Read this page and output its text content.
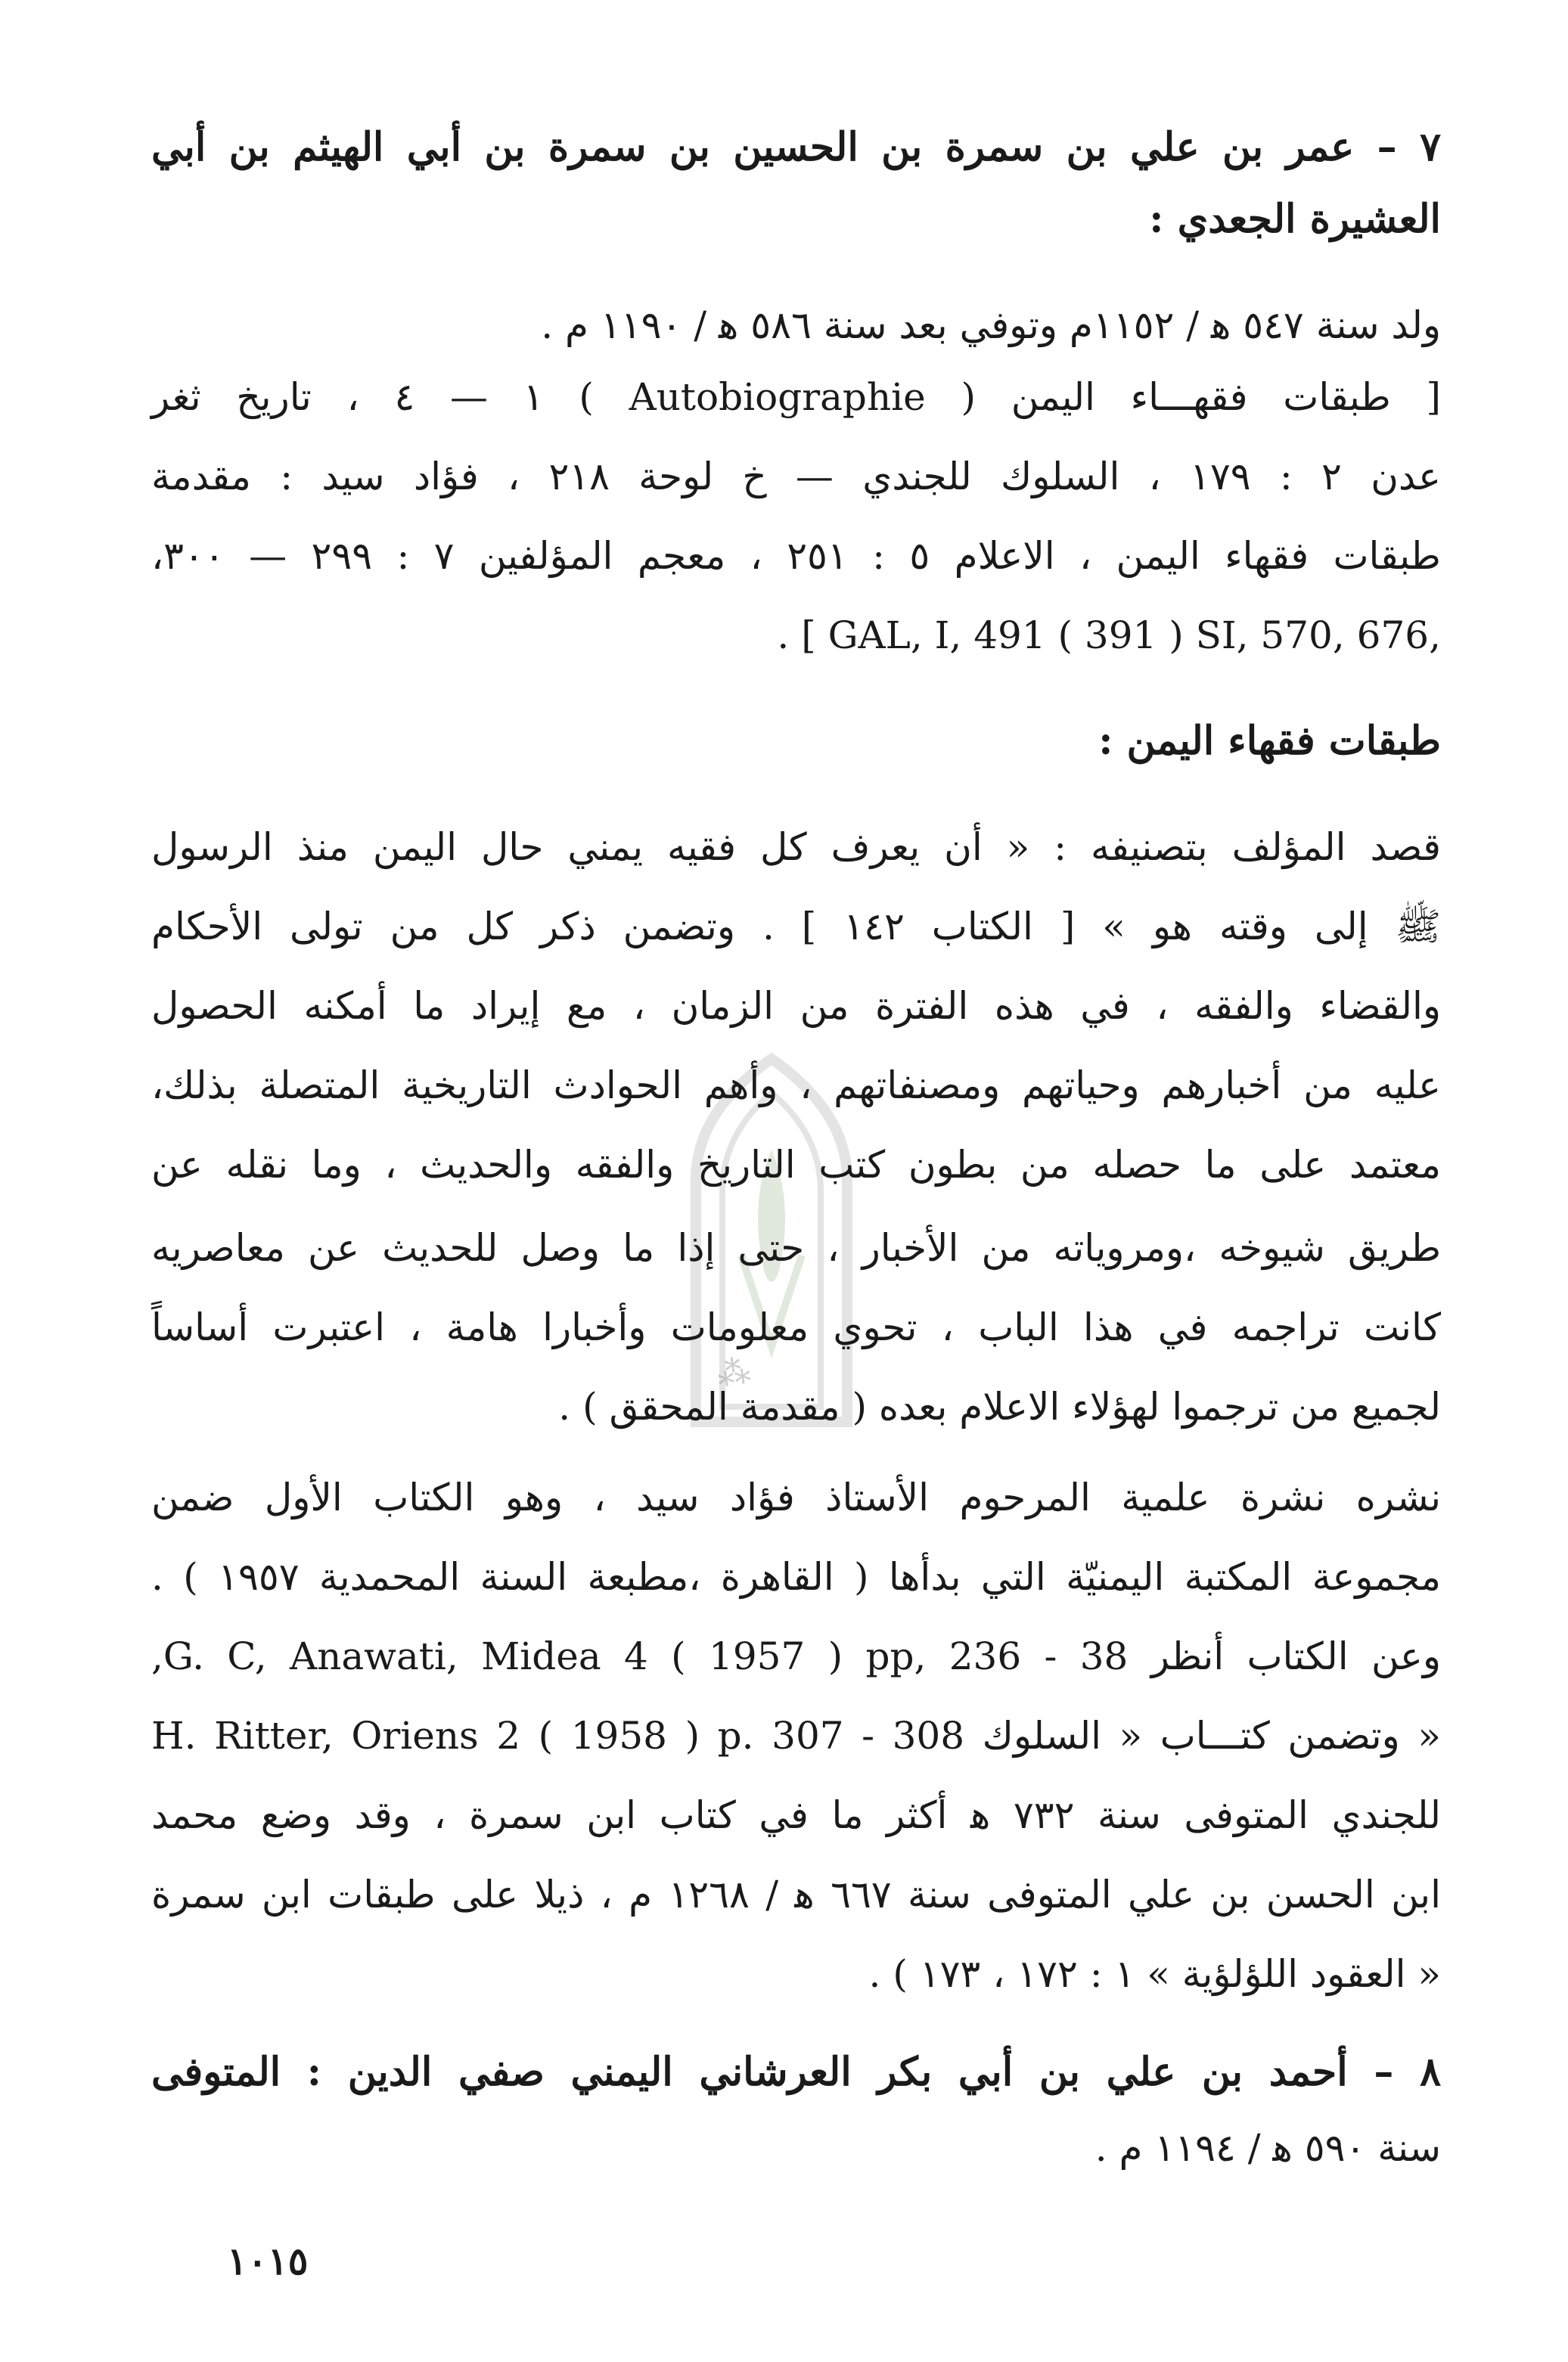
⁂
٧ – عمر بن علي بن سمرة بن الحسين بن سمرة بن أبي الهيثم بن أبي
العشيرة الجعدي :
ولد سنة ٥٤٧ ﻫ / ١١٥٢م وتوفي بعد سنة ٥٨٦ ﻫ / ١١٩٠ م .
[ طبقات فقهـــاء اليمن ( Autobiographie ) ١ — ٤ ، تاريخ ثغر
عدن ٢ : ١٧٩ ، السلوك للجندي — خ لوحة ٢١٨ ، فؤاد سيد : مقدمة
طبقات فقهاء اليمن ، الاعلام ٥ : ٢٥١ ، معجم المؤلفين ٧ : ٢٩٩ — ٣٠٠،
. [ GAL, I, 491 ( 391 ) SI, 570, 676,
طبقات فقهاء اليمن :
قصد المؤلف بتصنيفه : « أن يعرف كل فقيه يمني حال اليمن منذ الرسول
ﷺ إلى وقته هو » [ الكتاب ١٤٢ ] . وتضمن ذكر كل من تولى الأحكام
والقضاء والفقه ، في هذه الفترة من الزمان ، مع إيراد ما أمكنه الحصول
عليه من أخبارهم وحياتهم ومصنفاتهم ، وأهم الحوادث التاريخية المتصلة بذلك،
معتمد على ما حصله من بطون كتب التاريخ والفقه والحديث ، وما نقله عن
طريق شيوخه ،ومروياته من الأخبار ، حتى إذا ما وصل للحديث عن معاصريه
كانت تراجمه في هذا الباب ، تحوي معلومات وأخبارا هامة ، اعتبرت أساساً
لجميع من ترجموا لهؤلاء الاعلام بعده ( مقدمة المحقق ) .
نشره نشرة علمية المرحوم الأستاذ فؤاد سيد ، وهو الكتاب الأول ضمن
مجموعة المكتبة اليمنيّة التي بدأها ( القاهرة ،مطبعة السنة المحمدية ١٩٥٧ ) .
وعن الكتاب أنظر G. C, Anawati, Midea 4 ( 1957 ) pp, 236 - 38,
H. Ritter, Oriens 2 ( 1958 ) p. 307 - 308 وتضمن كتـــاب « السلوك »
للجندي المتوفى سنة ٧٣٢ ﻫ أكثر ما في كتاب ابن سمرة ، وقد وضع محمد
ابن الحسن بن علي المتوفى سنة ٦٦٧ ﻫ / ١٢٦٨ م ، ذيلا على طبقات ابن سمرة
« العقود اللؤلؤية » ١ : ١٧٢ ، ١٧٣ ) .
٨ – أحمد بن علي بن أبي بكر العرشاني اليمني صفي الدين : المتوفى
سنة ٥٩٠ ﻫ / ١١٩٤ م .
١٠١٥
